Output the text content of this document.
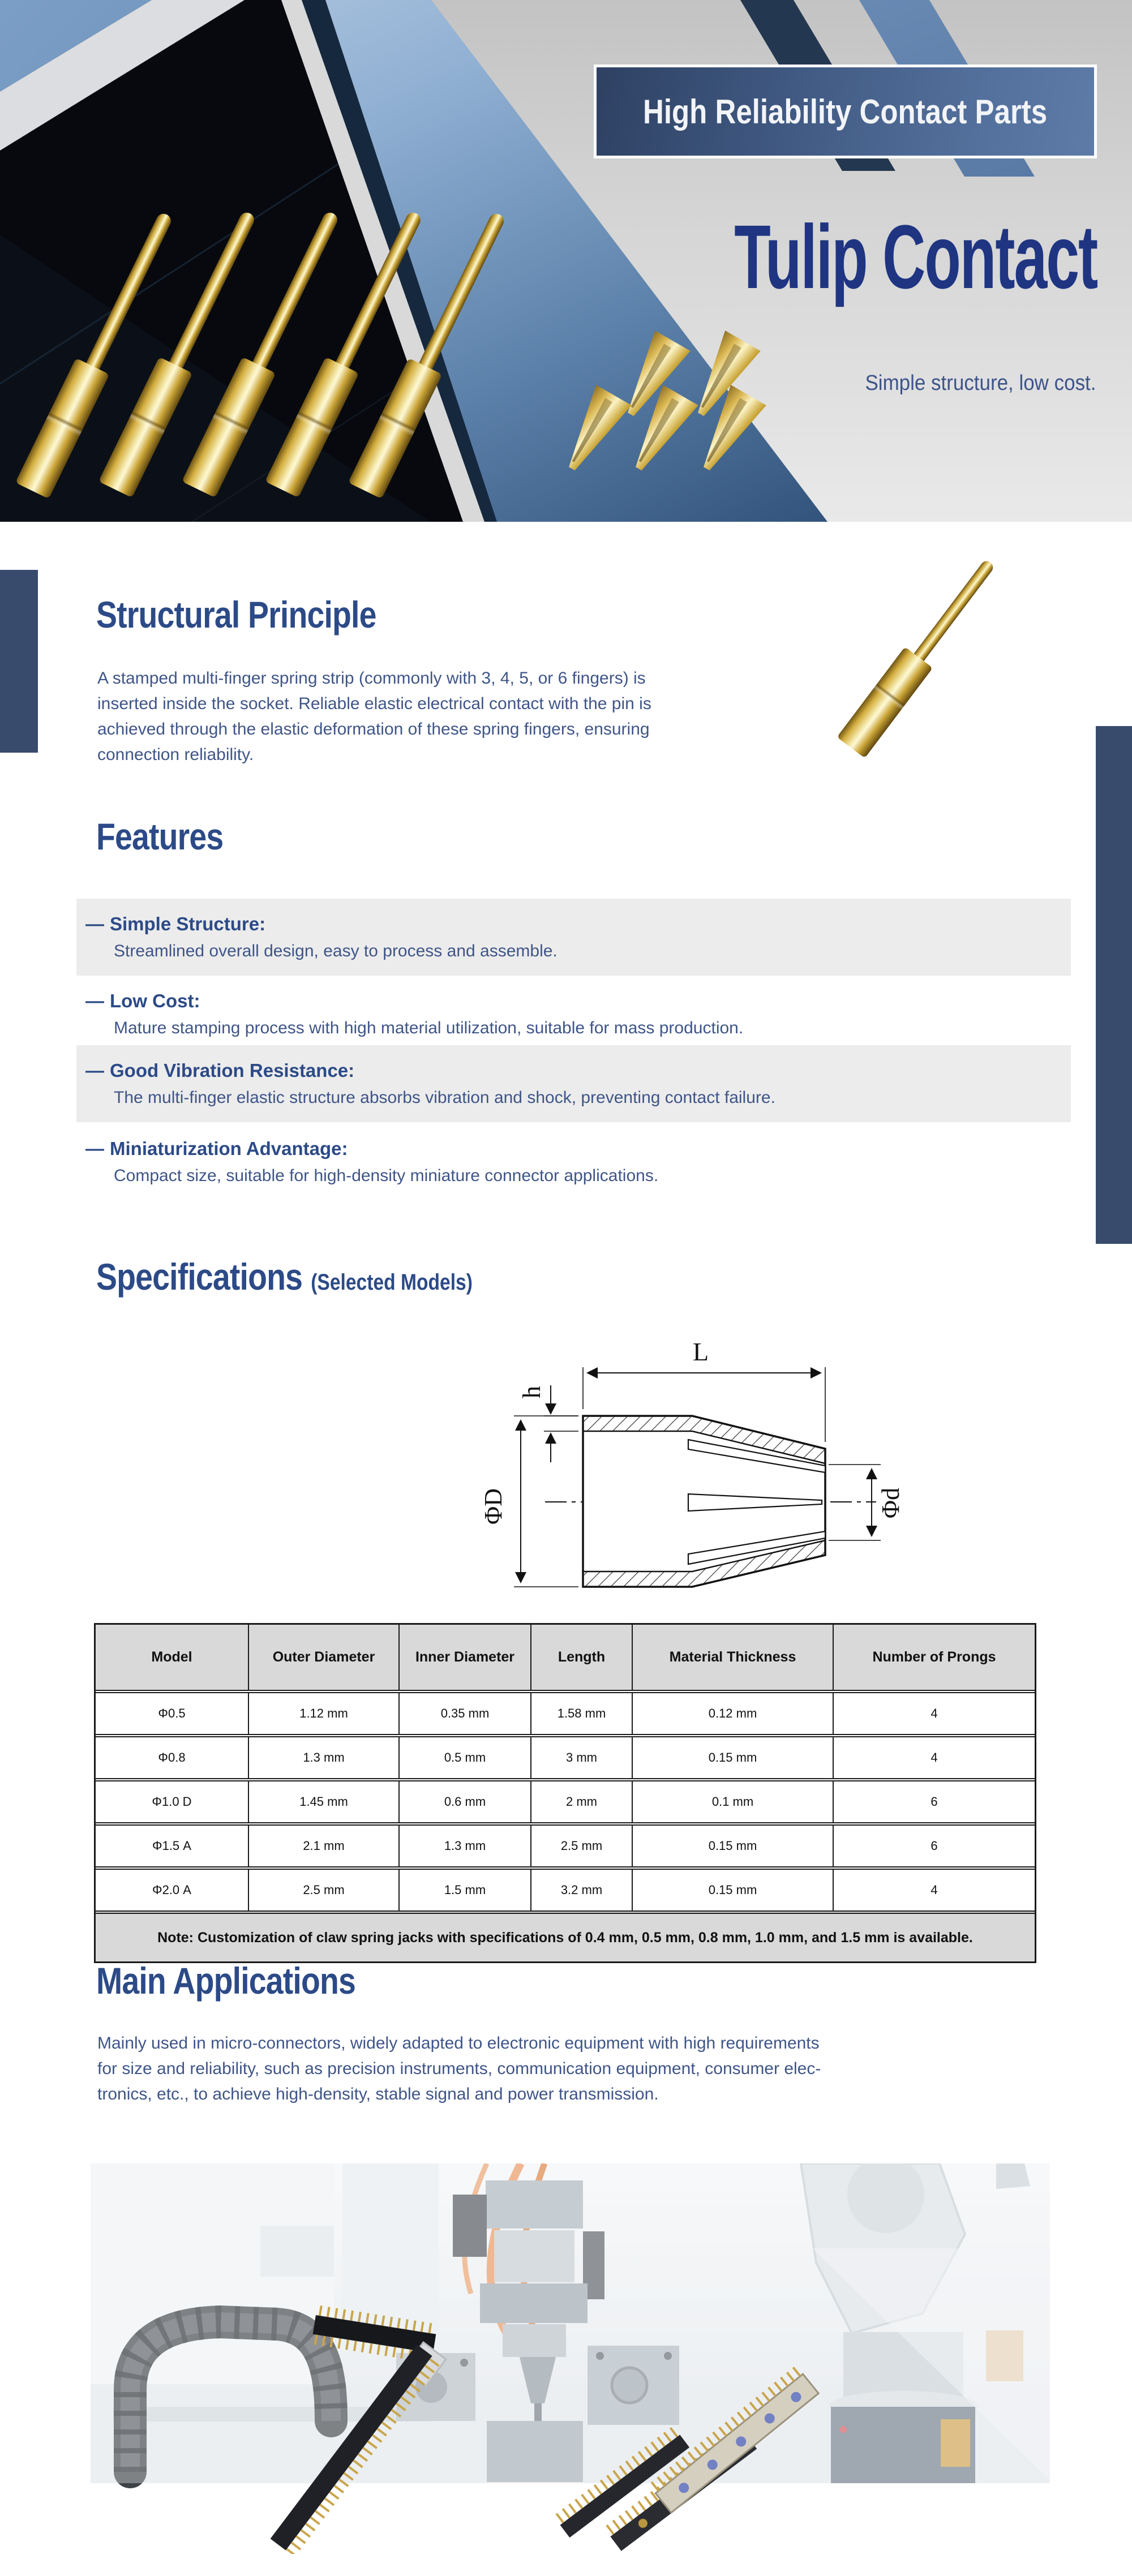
High Reliability Contact Parts
Tulip Contact
Simple structure, low cost.
Structural Principle
A stamped multi-finger spring strip (commonly with 3, 4, 5, or 6 fingers) is
inserted inside the socket. Reliable elastic electrical contact with the pin is
achieved through the elastic deformation of these spring fingers, ensuring
connection reliability.
Features
— Simple Structure:
Streamlined overall design, easy to process and assemble.
— Low Cost:
Mature stamping process with high material utilization, suitable for mass production.
— Good Vibration Resistance:
The multi-finger elastic structure absorbs vibration and shock, preventing contact failure.
— Miniaturization Advantage:
Compact size, suitable for high-density miniature connector applications.
Specifications (Selected Models)
L
h
ΦD	Φd
Model	Outer Diameter	Inner Diameter	Length	Material Thickness	Number of Prongs
Φ0.5	1.12 mm	0.35 mm	1.58 mm	0.12 mm	4
Φ0.8	1.3 mm	0.5 mm	3 mm	0.15 mm	4
Φ1.0 D	1.45 mm	0.6 mm	2 mm	0.1 mm	6
Φ1.5 A	2.1 mm	1.3 mm	2.5 mm	0.15 mm	6
Φ2.0 A	2.5 mm	1.5 mm	3.2 mm	0.15 mm	4
Note: Customization of claw spring jacks with specifications of 0.4 mm, 0.5 mm, 0.8 mm, 1.0 mm, and 1.5 mm is available.
Main Applications
Mainly used in micro-connectors, widely adapted to electronic equipment with high requirements
for size and reliability, such as precision instruments, communication equipment, consumer elec-
tronics, etc., to achieve high-density, stable signal and power transmission.
